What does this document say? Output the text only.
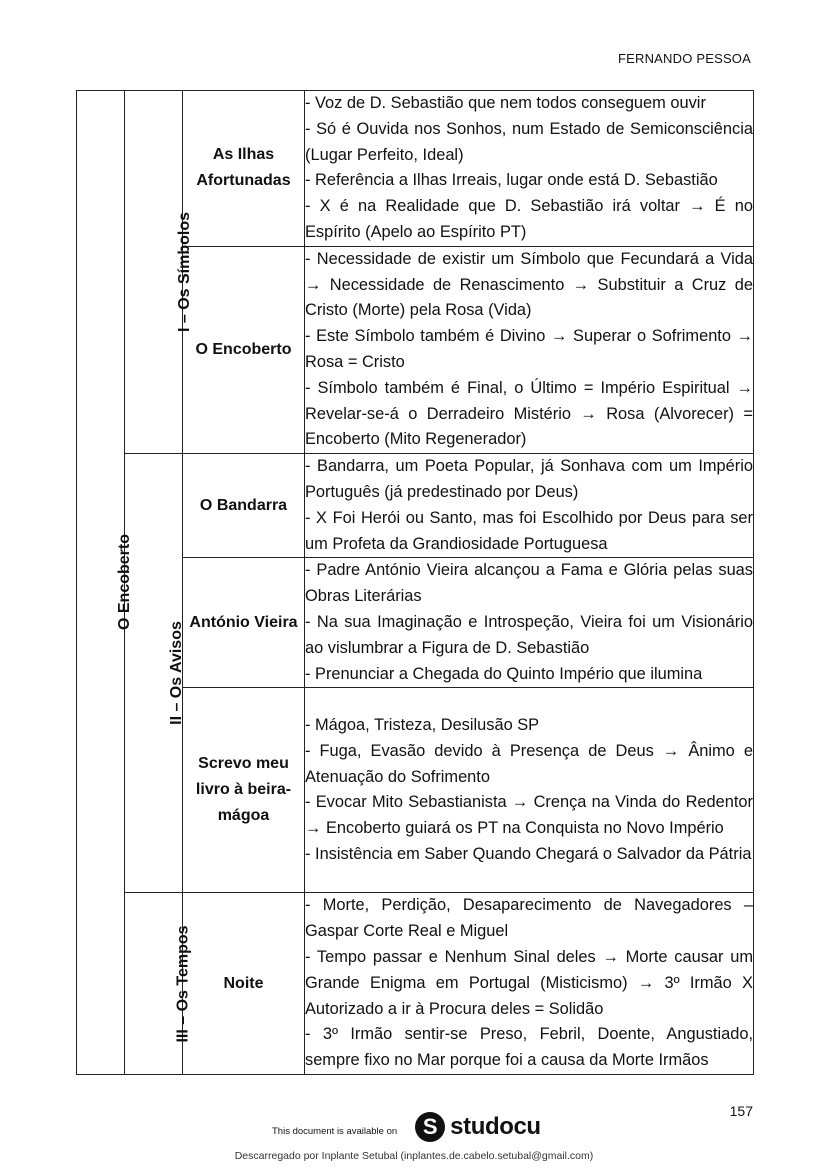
FERNANDO PESSOA
O Encoberto	I – Os Símbolos	As Ilhas Afortunadas	- Voz de D. Sebastião que nem todos conseguem ouvir
- Só é Ouvida nos Sonhos, num Estado de Semiconsciência (Lugar Perfeito, Ideal)
- Referência a Ilhas Irreais, lugar onde está D. Sebastião
- X é na Realidade que D. Sebastião irá voltar → É no Espírito (Apelo ao Espírito PT)

		O Encoberto	- Necessidade de existir um Símbolo que Fecundará a Vida → Necessidade de Renascimento → Substituir a Cruz de Cristo (Morte) pela Rosa (Vida)
- Este Símbolo também é Divino → Superar o Sofrimento → Rosa = Cristo
- Símbolo também é Final, o Último = Império Espiritual → Revelar-se-á o Derradeiro Mistério → Rosa (Alvorecer) = Encoberto (Mito Regenerador)

	II – Os Avisos	O Bandarra	- Bandarra, um Poeta Popular, já Sonhava com um Império Português (já predestinado por Deus)
- X Foi Herói ou Santo, mas foi Escolhido por Deus para ser um Profeta da Grandiosidade Portuguesa

		António Vieira	- Padre António Vieira alcançou a Fama e Glória pelas suas Obras Literárias
- Na sua Imaginação e Introspeção, Vieira foi um Visionário ao vislumbrar a Figura de D. Sebastião
- Prenunciar a Chegada do Quinto Império que ilumina

		Screvo meu livro à beira-mágoa	- Mágoa, Tristeza, Desilusão SP
- Fuga, Evasão devido à Presença de Deus → Ânimo e Atenuação do Sofrimento
- Evocar Mito Sebastianista → Crença na Vinda do Redentor → Encoberto guiará os PT na Conquista no Novo Império
- Insistência em Saber Quando Chegará o Salvador da Pátria

	III – Os Tempos	Noite	- Morte, Perdição, Desaparecimento de Navegadores – Gaspar Corte Real e Miguel
- Tempo passar e Nenhum Sinal deles → Morte causar um Grande Enigma em Portugal (Misticismo) → 3º Irmão X Autorizado a ir à Procura deles = Solidão
- 3º Irmão sentir-se Preso, Febril, Doente, Angustiado, sempre fixo no Mar porque foi a causa da Morte Irmãos
157
This document is available on	S studocu
Descarregado por Inplante Setubal (inplantes.de.cabelo.setubal@gmail.com)
